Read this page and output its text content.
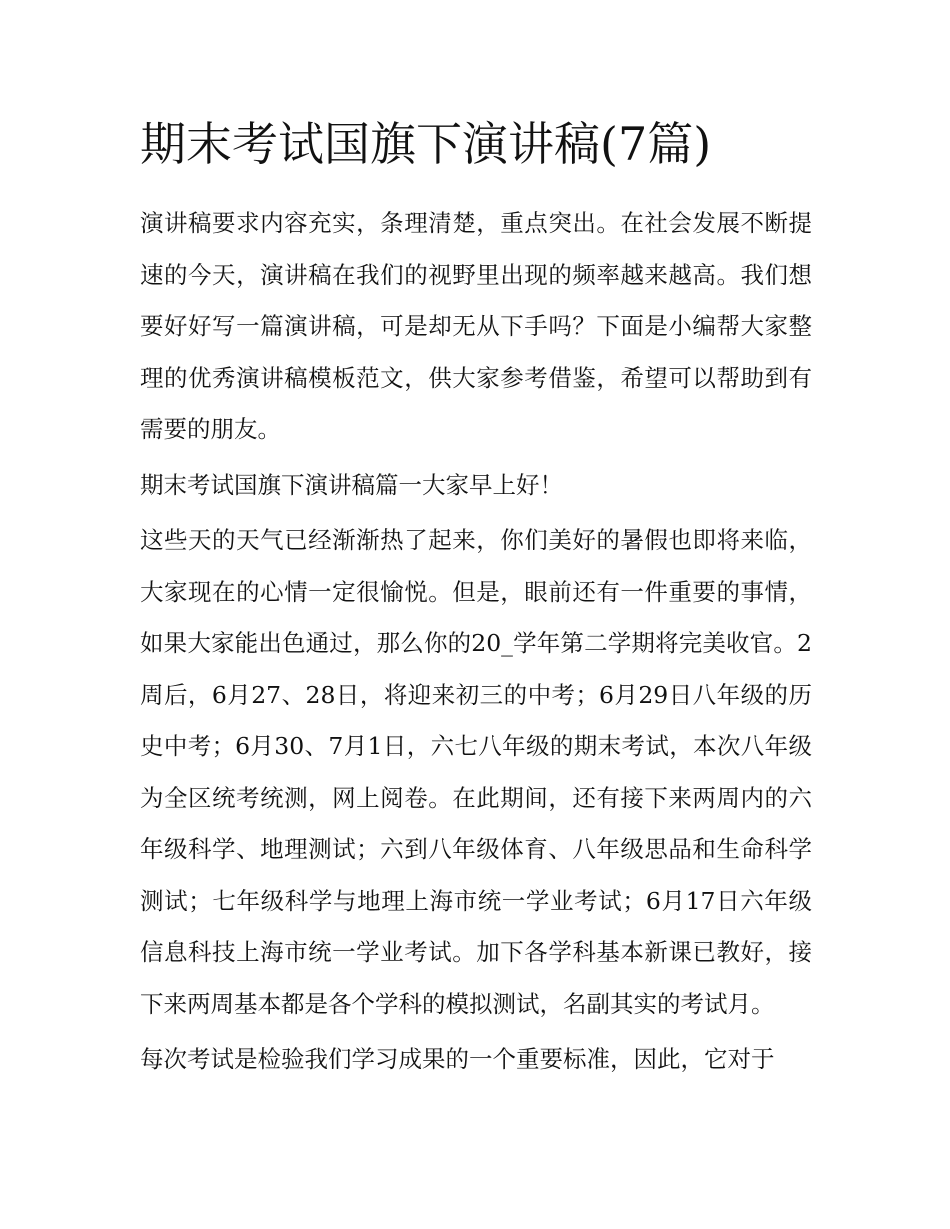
期末考试国旗下演讲稿(7篇)

演讲稿要求内容充实，条理清楚，重点突出。在社会发展不断提速的今天，演讲稿在我们的视野里出现的频率越来越高。我们想要好好写一篇演讲稿，可是却无从下手吗？下面是小编帮大家整理的优秀演讲稿模板范文，供大家参考借鉴，希望可以帮助到有需要的朋友。

期末考试国旗下演讲稿篇一大家早上好！

这些天的天气已经渐渐热了起来，你们美好的暑假也即将来临，大家现在的心情一定很愉悦。但是，眼前还有一件重要的事情，如果大家能出色通过，那么你的20_学年第二学期将完美收官。2周后，6月27、28日，将迎来初三的中考；6月29日八年级的历史中考；6月30、7月1日，六七八年级的期末考试，本次八年级为全区统考统测，网上阅卷。在此期间，还有接下来两周内的六年级科学、地理测试；六到八年级体育、八年级思品和生命科学测试；七年级科学与地理上海市统一学业考试；6月17日六年级信息科技上海市统一学业考试。加下各学科基本新课已教好，接下来两周基本都是各个学科的模拟测试，名副其实的考试月。

每次考试是检验我们学习成果的一个重要标准，因此，它对于
